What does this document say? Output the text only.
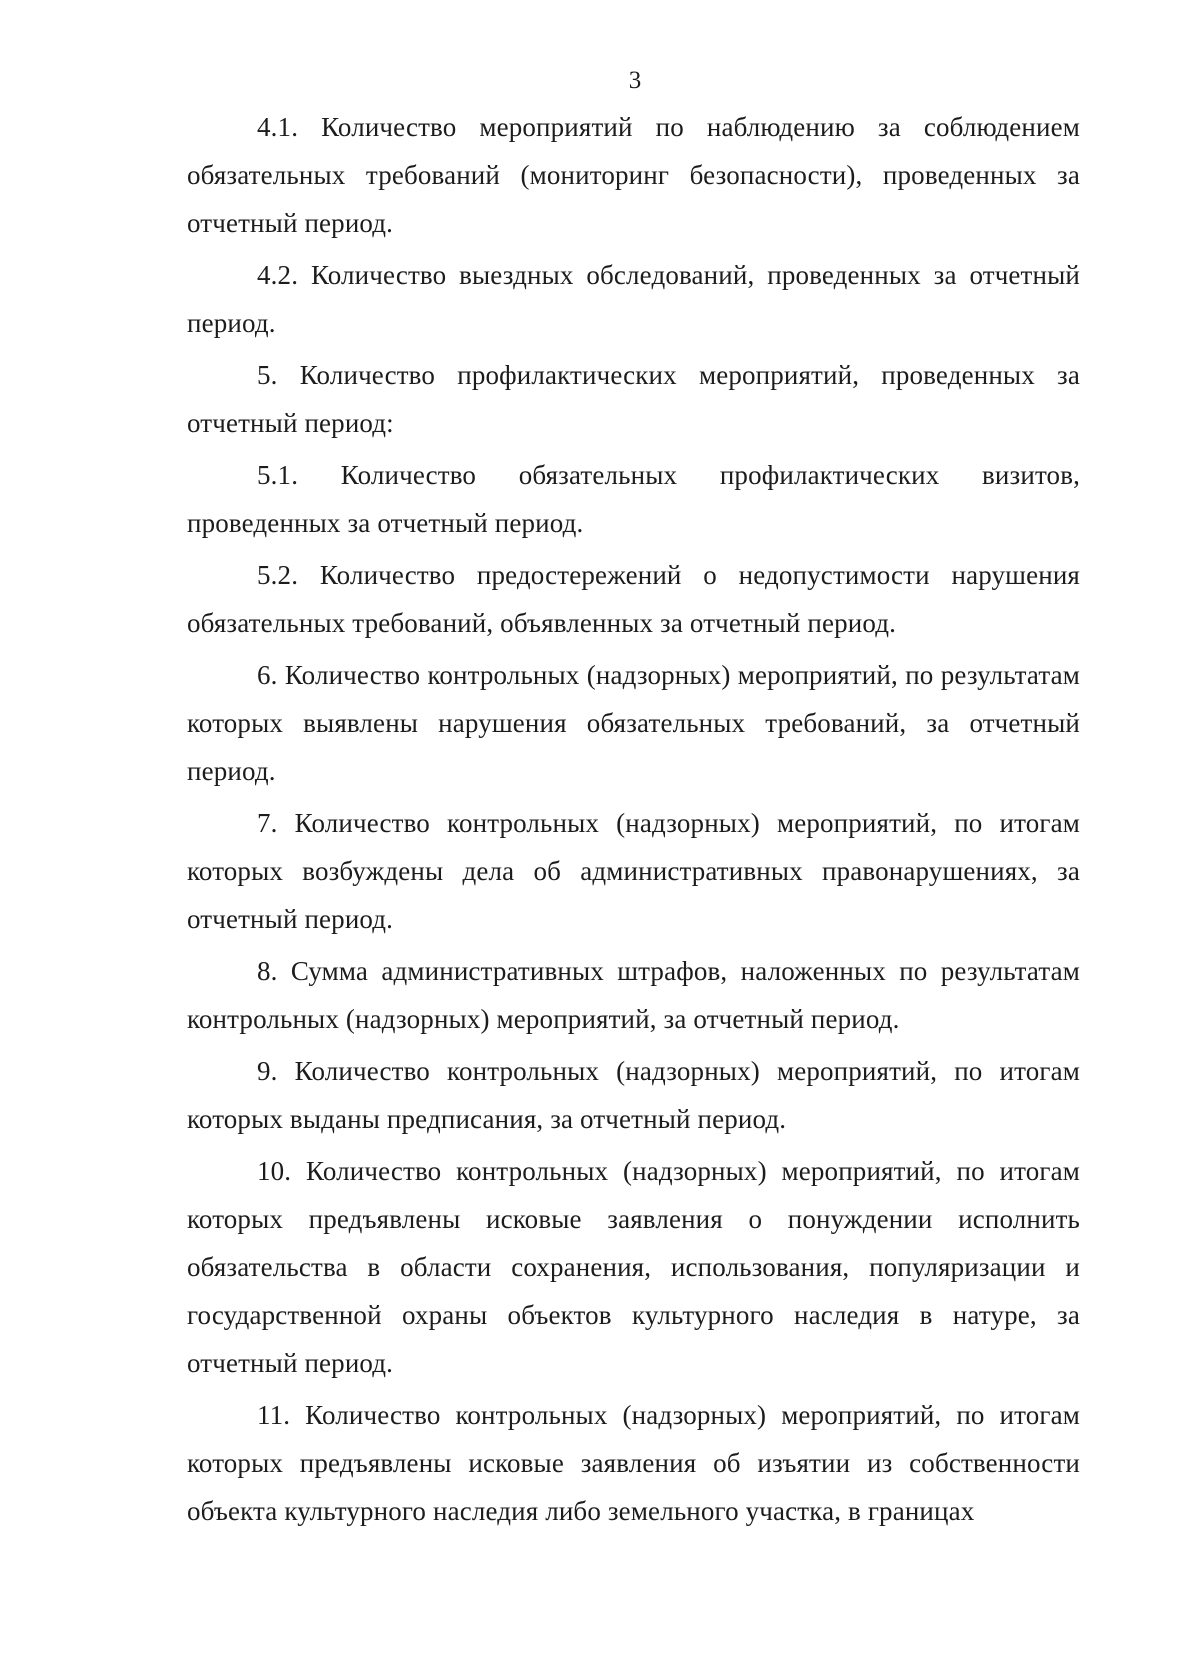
3

4.1. Количество мероприятий по наблюдению за соблюдением обязательных требований (мониторинг безопасности), проведенных за отчетный период.

4.2. Количество выездных обследований, проведенных за отчетный период.

5. Количество профилактических мероприятий, проведенных за отчетный период:

5.1. Количество обязательных профилактических визитов, проведенных за отчетный период.

5.2. Количество предостережений о недопустимости нарушения обязательных требований, объявленных за отчетный период.

6. Количество контрольных (надзорных) мероприятий, по результатам которых выявлены нарушения обязательных требований, за отчетный период.

7. Количество контрольных (надзорных) мероприятий, по итогам которых возбуждены дела об административных правонарушениях, за отчетный период.

8. Сумма административных штрафов, наложенных по результатам контрольных (надзорных) мероприятий, за отчетный период.

9. Количество контрольных (надзорных) мероприятий, по итогам которых выданы предписания, за отчетный период.

10. Количество контрольных (надзорных) мероприятий, по итогам которых предъявлены исковые заявления о понуждении исполнить обязательства в области сохранения, использования, популяризации и государственной охраны объектов культурного наследия в натуре, за отчетный период.

11. Количество контрольных (надзорных) мероприятий, по итогам которых предъявлены исковые заявления об изъятии из собственности объекта культурного наследия либо земельного участка, в границах
